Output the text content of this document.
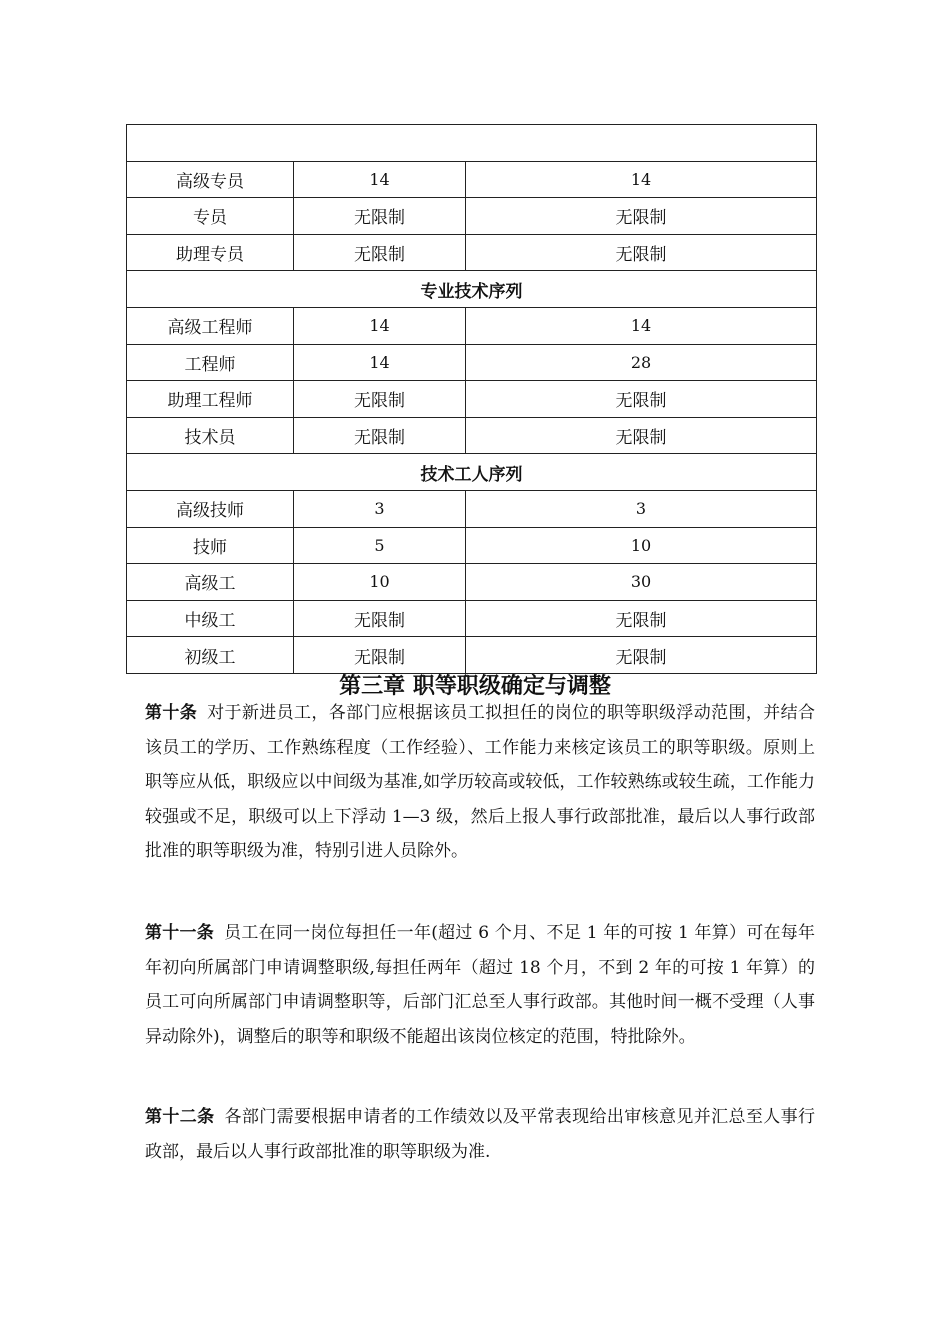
高级专员	14	14
专员	无限制	无限制
助理专员	无限制	无限制
专业技术序列		
高级工程师	14	14
工程师	14	28
助理工程师	无限制	无限制
技术员	无限制	无限制
技术工人序列		
高级技师	3	3
技师	5	10
高级工	10	30
中级工	无限制	无限制
初级工	无限制	无限制
第三章 职等职级确定与调整

第十条 对于新进员工，各部门应根据该员工拟担任的岗位的职等职级浮动范围，并结合该员工的学历、工作熟练程度（工作经验）、工作能力来核定该员工的职等职级。原则上职等应从低，职级应以中间级为基准,如学历较高或较低，工作较熟练或较生疏，工作能力较强或不足，职级可以上下浮动 1—3 级，然后上报人事行政部批准，最后以人事行政部批准的职等职级为准，特别引进人员除外。

第十一条 员工在同一岗位每担任一年(超过 6 个月、不足 1 年的可按 1 年算）可在每年年初向所属部门申请调整职级,每担任两年（超过 18 个月，不到 2 年的可按 1 年算）的员工可向所属部门申请调整职等，后部门汇总至人事行政部。其他时间一概不受理（人事异动除外)，调整后的职等和职级不能超出该岗位核定的范围，特批除外。

第十二条 各部门需要根据申请者的工作绩效以及平常表现给出审核意见并汇总至人事行政部，最后以人事行政部批准的职等职级为准.
